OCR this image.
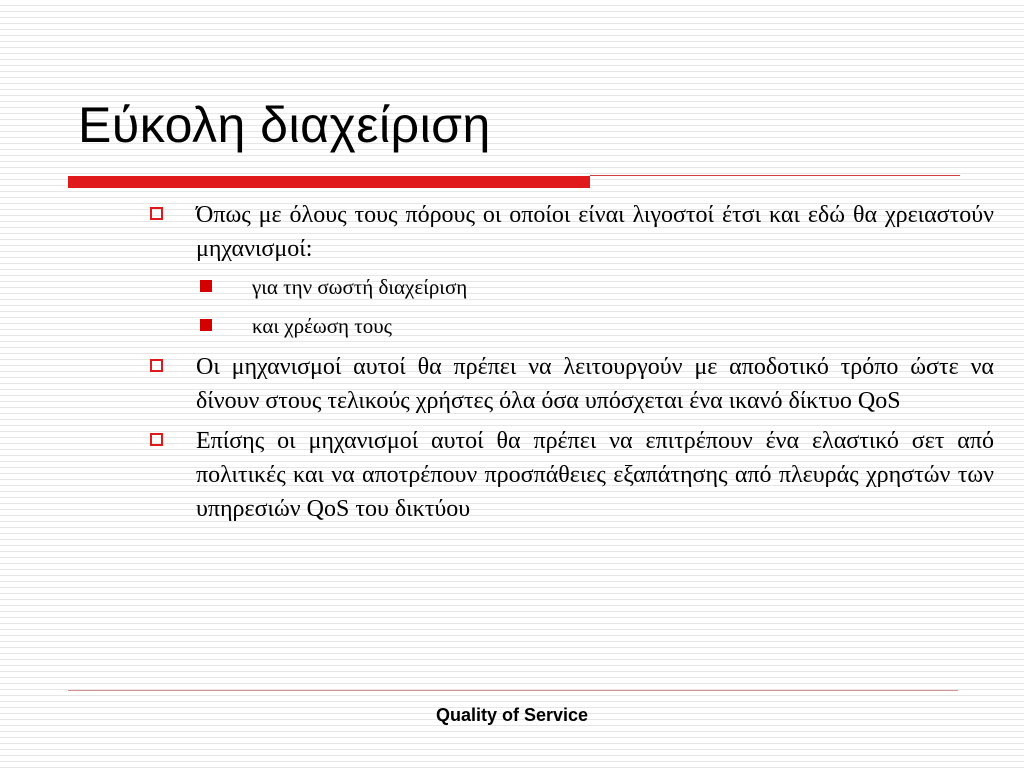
Εύκολη διαχείριση
Όπως με όλους τους πόρους οι οποίοι είναι λιγοστοί έτσι και εδώ θα χρειαστούν μηχανισμοί:
για την σωστή διαχείριση
και χρέωση τους
Οι μηχανισμοί αυτοί θα πρέπει να λειτουργούν με αποδοτικό τρόπο ώστε να δίνουν στους τελικούς χρήστες όλα όσα υπόσχεται ένα ικανό δίκτυο QoS
Επίσης οι μηχανισμοί αυτοί θα πρέπει να επιτρέπουν ένα ελαστικό σετ από πολιτικές και να αποτρέπουν προσπάθειες εξαπάτησης από πλευράς χρηστών των υπηρεσιών QoS του δικτύου
Quality of Service
